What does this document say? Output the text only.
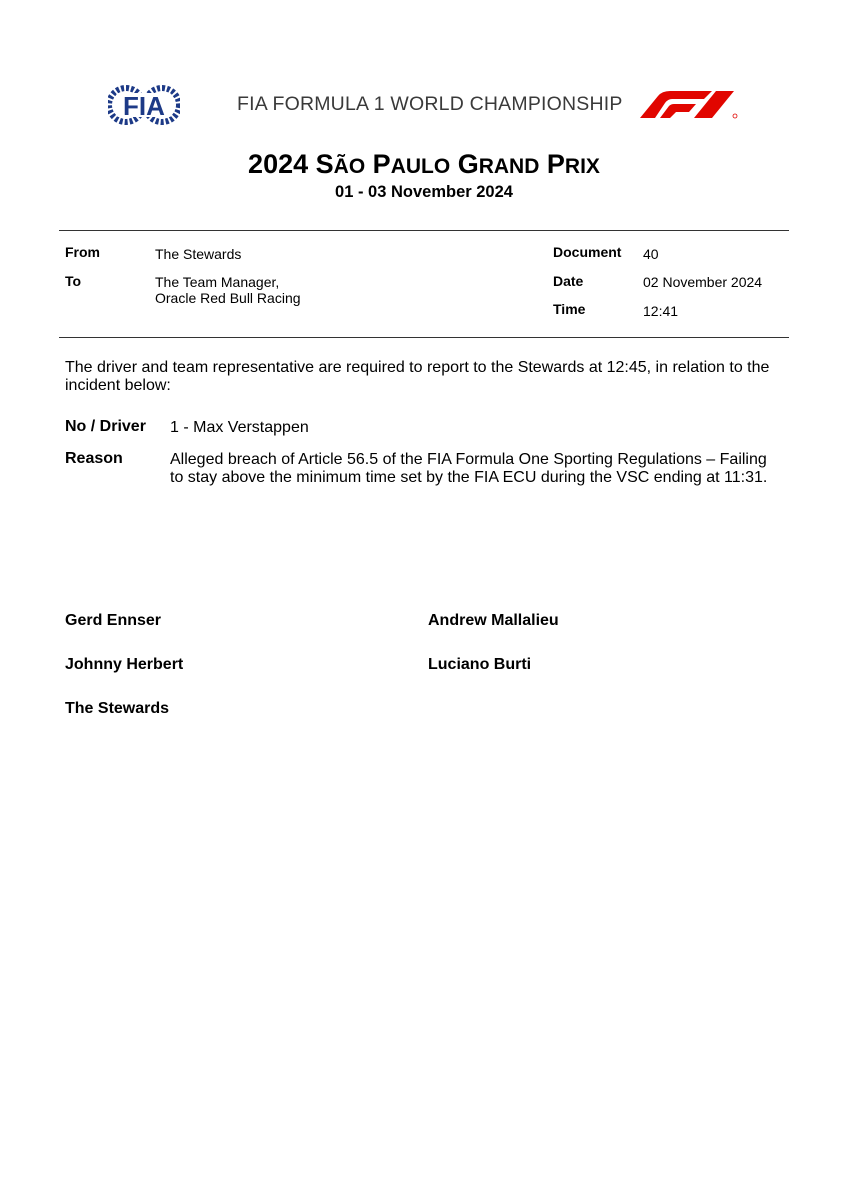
FIA	FIA FORMULA 1 WORLD CHAMPIONSHIP
F1
2024 SÃO PAULO GRAND PRIX
01 - 03 November 2024
From	The Stewards
To	The Team Manager,
Oracle Red Bull Racing
Document 40
Date	02 November 2024
Time	12:41
The driver and team representative are required to report to the Stewards at 12:45, in relation to the incident below:
No / Driver 1 - Max Verstappen
Reason	Alleged breach of Article 56.5 of the FIA Formula One Sporting Regulations – Failing to stay above the minimum time set by the FIA ECU during the VSC ending at 11:31.
Gerd Ennser	Andrew Mallalieu
Johnny Herbert	Luciano Burti
The Stewards
